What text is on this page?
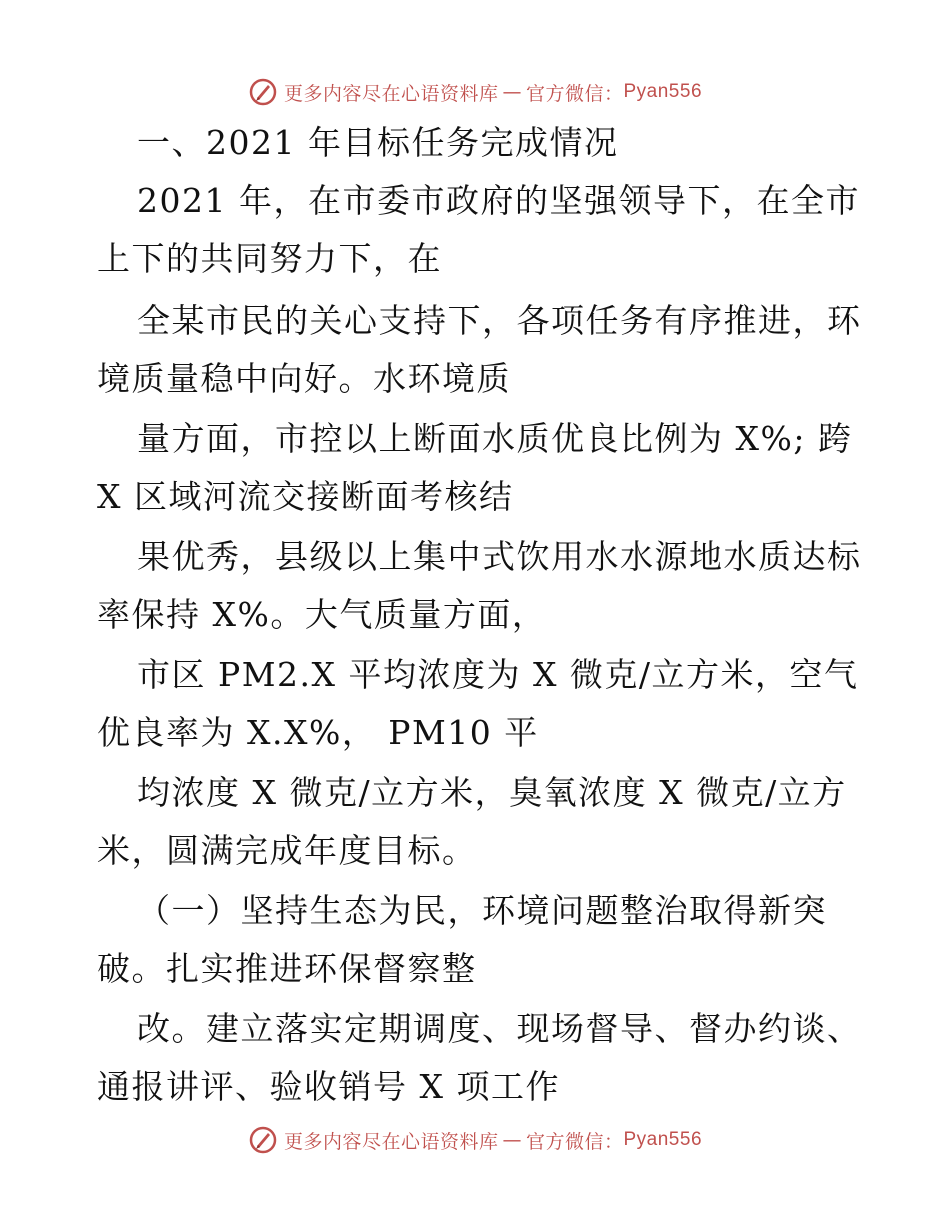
更多内容尽在心语资料库 — 官方微信： Pyan556
一、2021 年目标任务完成情况
2021 年，在市委市政府的坚强领导下，在全市
上下的共同努力下，在
全某市民的关心支持下，各项任务有序推进，环
境质量稳中向好。水环境质
量方面，市控以上断面水质优良比例为 X%; 跨
X 区域河流交接断面考核结
果优秀，县级以上集中式饮用水水源地水质达标
率保持 X%。大气质量方面，
市区 PM2.X 平均浓度为 X 微克/立方米，空气
优良率为 X.X%， PM10 平
均浓度 X 微克/立方米，臭氧浓度 X 微克/立方
米，圆满完成年度目标。
（一）坚持生态为民，环境问题整治取得新突
破。扎实推进环保督察整
改。建立落实定期调度、现场督导、督办约谈、
通报讲评、验收销号 X 项工作
更多内容尽在心语资料库 — 官方微信： Pyan556
